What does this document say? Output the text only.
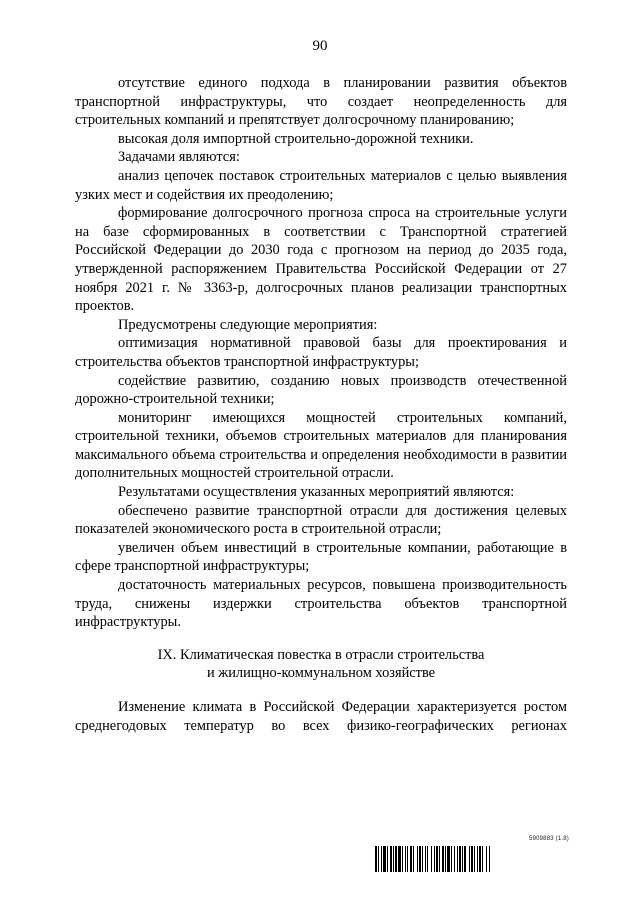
90

отсутствие единого подхода в планировании развития объектов транспортной инфраструктуры, что создает неопределенность для строительных компаний и препятствует долгосрочному планированию;

высокая доля импортной строительно-дорожной техники.

Задачами являются:

анализ цепочек поставок строительных материалов с целью выявления узких мест и содействия их преодолению;

формирование долгосрочного прогноза спроса на строительные услуги на базе сформированных в соответствии с Транспортной стратегией Российской Федерации до 2030 года с прогнозом на период до 2035 года, утвержденной распоряжением Правительства Российской Федерации от 27 ноября 2021 г. № 3363-р, долгосрочных планов реализации транспортных проектов.

Предусмотрены следующие мероприятия:

оптимизация нормативной правовой базы для проектирования и строительства объектов транспортной инфраструктуры;

содействие развитию, созданию новых производств отечественной дорожно-строительной техники;

мониторинг имеющихся мощностей строительных компаний, строительной техники, объемов строительных материалов для планирования максимального объема строительства и определения необходимости в развитии дополнительных мощностей строительной отрасли.

Результатами осуществления указанных мероприятий являются:

обеспечено развитие транспортной отрасли для достижения целевых показателей экономического роста в строительной отрасли;

увеличен объем инвестиций в строительные компании, работающие в сфере транспортной инфраструктуры;

достаточность материальных ресурсов, повышена производительность труда, снижены издержки строительства объектов транспортной инфраструктуры.

IX. Климатическая повестка в отрасли строительства
и жилищно-коммунальном хозяйстве

Изменение климата в Российской Федерации характеризуется ростом среднегодовых температур во всех физико-географических регионах

5909883 (1.8)
